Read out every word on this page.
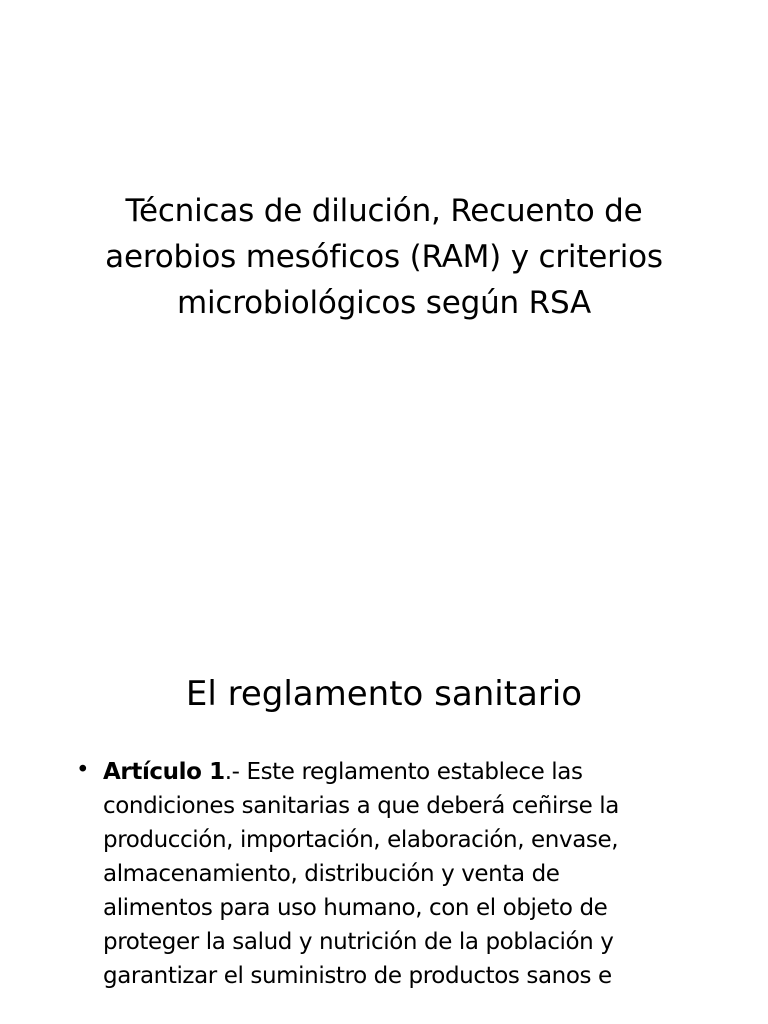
Técnicas de dilución, Recuento de
aerobios mesóficos (RAM) y criterios
microbiológicos según RSA
El reglamento sanitario
• Artículo 1.- Este reglamento establece las
condiciones sanitarias a que deberá ceñirse la
producción, importación, elaboración, envase,
almacenamiento, distribución y venta de
alimentos para uso humano, con el objeto de
proteger la salud y nutrición de la población y
garantizar el suministro de productos sanos e
